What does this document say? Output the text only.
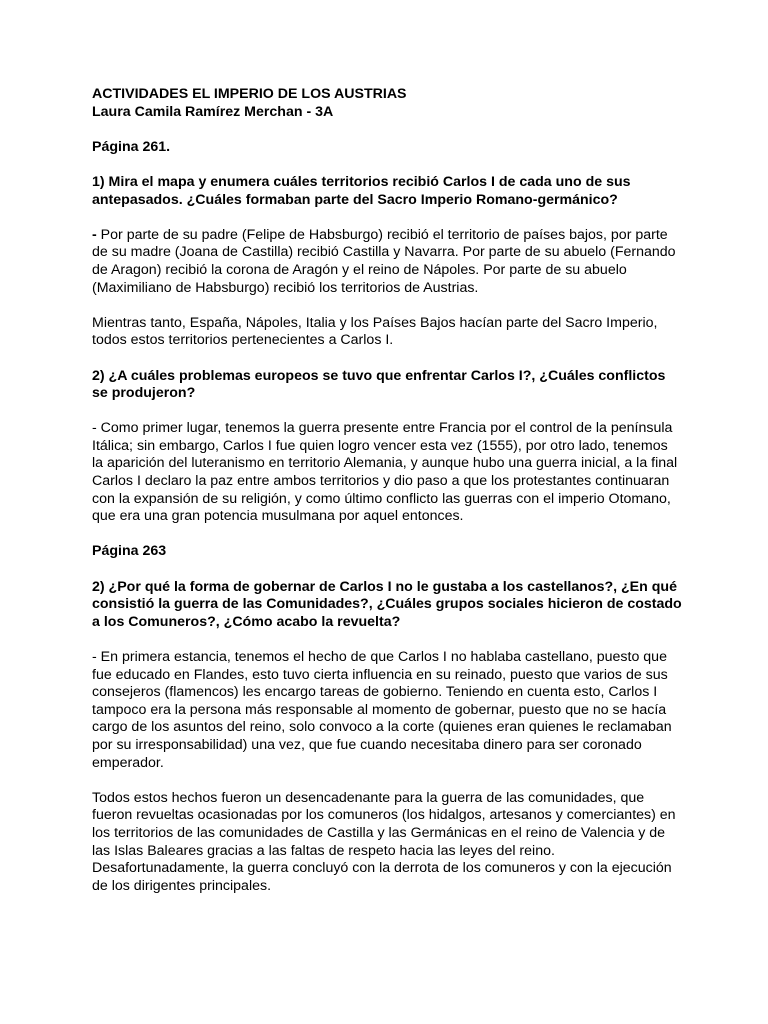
ACTIVIDADES EL IMPERIO DE LOS AUSTRIAS

Laura Camila Ramírez Merchan - 3A

Página 261.

1) Mira el mapa y enumera cuáles territorios recibió Carlos I de cada uno de sus antepasados. ¿Cuáles formaban parte del Sacro Imperio Romano-germánico?

- Por parte de su padre (Felipe de Habsburgo) recibió el territorio de países bajos, por parte de su madre (Joana de Castilla) recibió Castilla y Navarra. Por parte de su abuelo (Fernando de Aragon) recibió la corona de Aragón y el reino de Nápoles. Por parte de su abuelo (Maximiliano de Habsburgo) recibió los territorios de Austrias.

Mientras tanto, España, Nápoles, Italia y los Países Bajos hacían parte del Sacro Imperio, todos estos territorios pertenecientes a Carlos I.

2) ¿A cuáles problemas europeos se tuvo que enfrentar Carlos I?, ¿Cuáles conflictos se produjeron?

- Como primer lugar, tenemos la guerra presente entre Francia por el control de la península Itálica; sin embargo, Carlos I fue quien logro vencer esta vez (1555), por otro lado, tenemos la aparición del luteranismo en territorio Alemania, y aunque hubo una guerra inicial, a la final Carlos I declaro la paz entre ambos territorios y dio paso a que los protestantes continuaran con la expansión de su religión, y como último conflicto las guerras con el imperio Otomano, que era una gran potencia musulmana por aquel entonces.

Página 263

2) ¿Por qué la forma de gobernar de Carlos I no le gustaba a los castellanos?, ¿En qué consistió la guerra de las Comunidades?, ¿Cuáles grupos sociales hicieron de costado a los Comuneros?, ¿Cómo acabo la revuelta?

- En primera estancia, tenemos el hecho de que Carlos I no hablaba castellano, puesto que fue educado en Flandes, esto tuvo cierta influencia en su reinado, puesto que varios de sus consejeros (flamencos) les encargo tareas de gobierno. Teniendo en cuenta esto, Carlos I tampoco era la persona más responsable al momento de gobernar, puesto que no se hacía cargo de los asuntos del reino, solo convoco a la corte (quienes eran quienes le reclamaban por su irresponsabilidad) una vez, que fue cuando necesitaba dinero para ser coronado emperador.

Todos estos hechos fueron un desencadenante para la guerra de las comunidades, que fueron revueltas ocasionadas por los comuneros (los hidalgos, artesanos y comerciantes) en los territorios de las comunidades de Castilla y las Germánicas en el reino de Valencia y de las Islas Baleares gracias a las faltas de respeto hacia las leyes del reino. Desafortunadamente, la guerra concluyó con la derrota de los comuneros y con la ejecución de los dirigentes principales.
